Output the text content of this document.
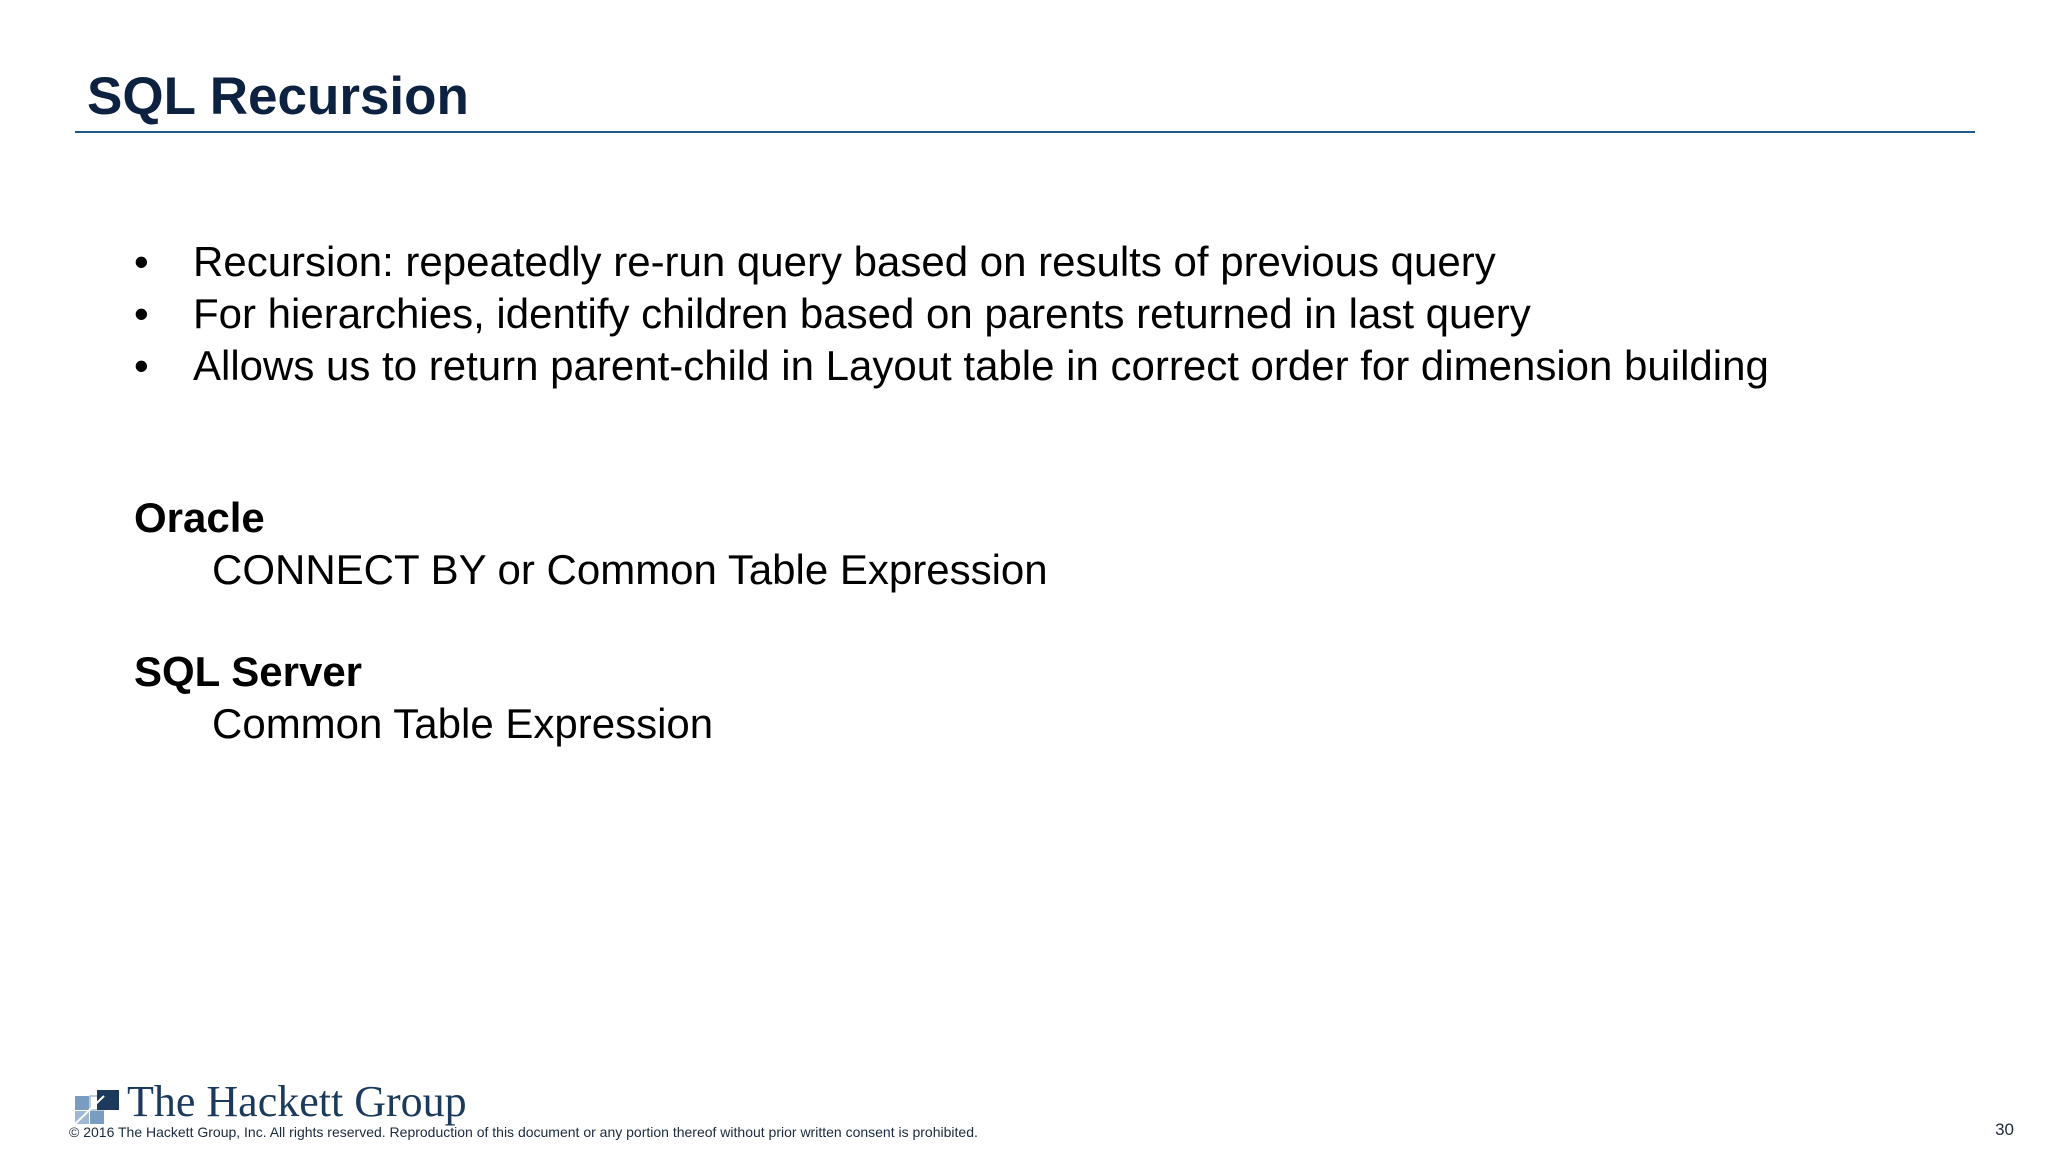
SQL Recursion
• Recursion: repeatedly re-run query based on results of previous query
• For hierarchies, identify children based on parents returned in last query
• Allows us to return parent-child in Layout table in correct order for dimension building

Oracle

CONNECT BY or Common Table Expression

SQL Server

Common Table Expression

The Hackett Group
© 2016 The Hackett Group, Inc. All rights reserved. Reproduction of this document or any portion thereof without prior written consent is prohibited.	30
